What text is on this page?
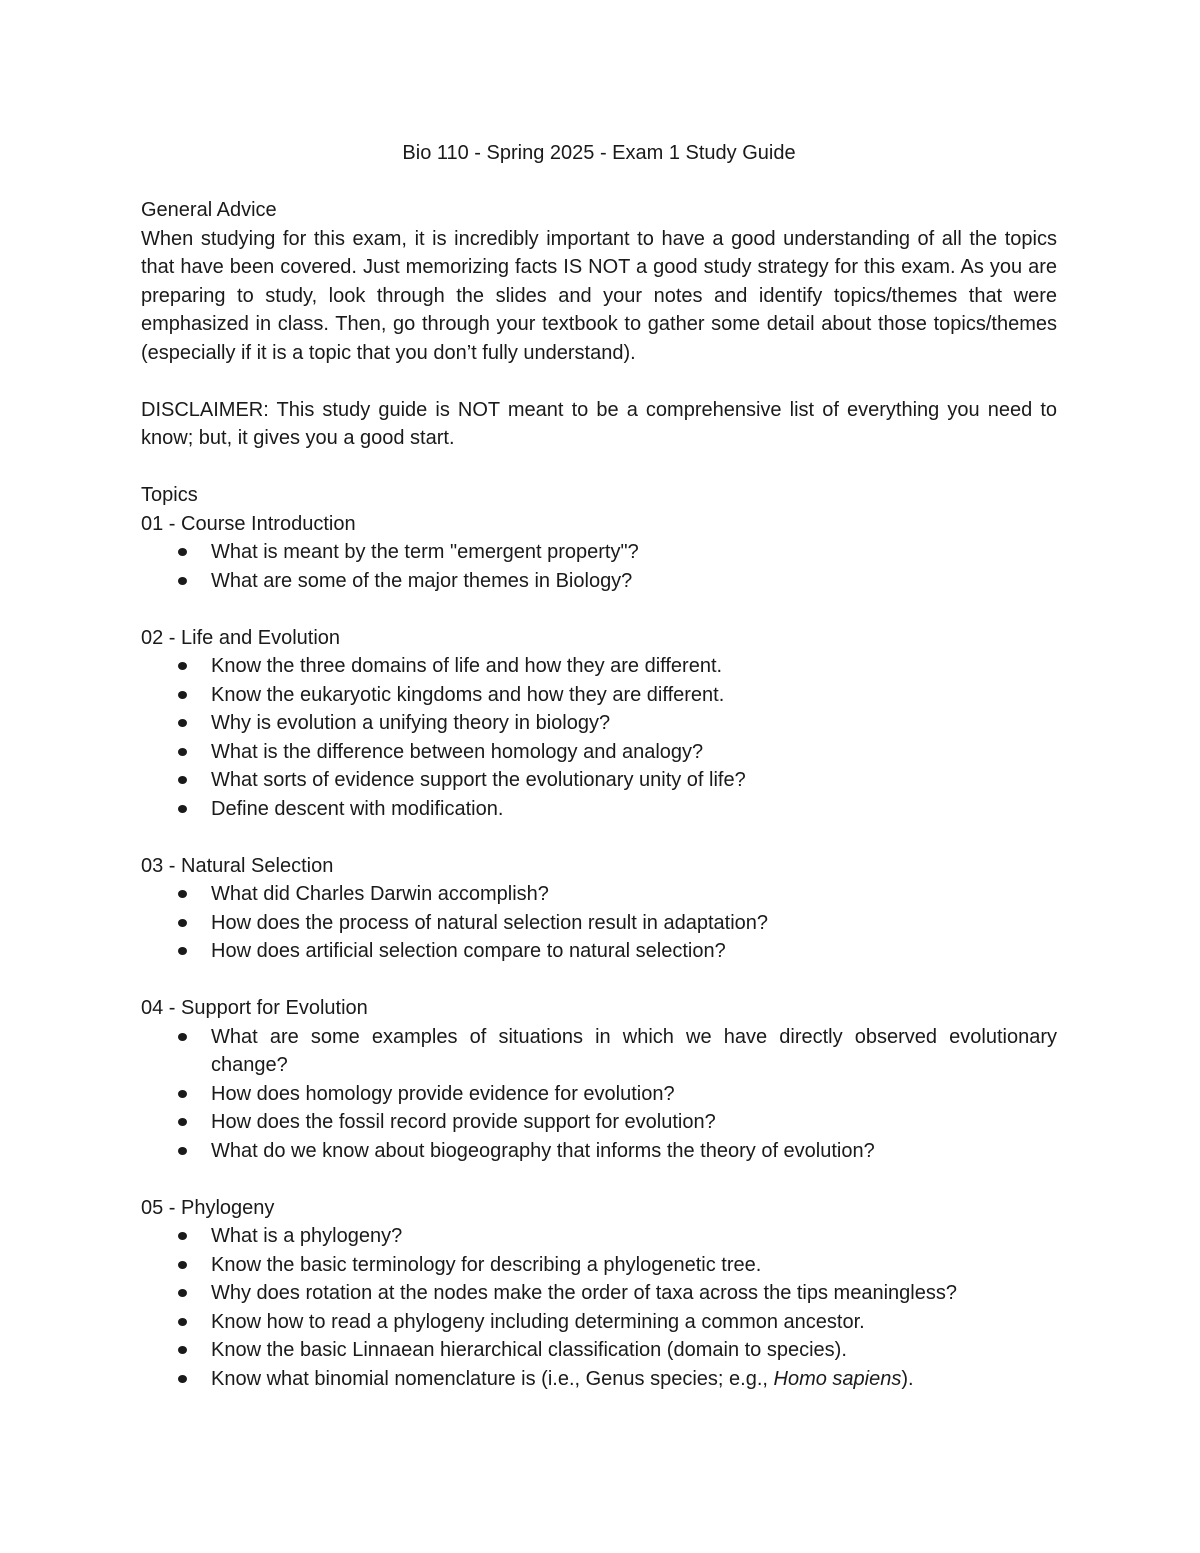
Bio 110 - Spring 2025 - Exam 1 Study Guide

General Advice

When studying for this exam, it is incredibly important to have a good understanding of all the topics that have been covered. Just memorizing facts IS NOT a good study strategy for this exam. As you are preparing to study, look through the slides and your notes and identify topics/themes that were emphasized in class. Then, go through your textbook to gather some detail about those topics/themes (especially if it is a topic that you don’t fully understand).

DISCLAIMER: This study guide is NOT meant to be a comprehensive list of everything you need to know; but, it gives you a good start.

Topics

01 - Course Introduction

What is meant by the term "emergent property"?
What are some of the major themes in Biology?

02 - Life and Evolution

Know the three domains of life and how they are different.
Know the eukaryotic kingdoms and how they are different.
Why is evolution a unifying theory in biology?
What is the difference between homology and analogy?
What sorts of evidence support the evolutionary unity of life?
Define descent with modification.

03 - Natural Selection

What did Charles Darwin accomplish?
How does the process of natural selection result in adaptation?
How does artificial selection compare to natural selection?

04 - Support for Evolution

What are some examples of situations in which we have directly observed evolutionary change?
How does homology provide evidence for evolution?
How does the fossil record provide support for evolution?
What do we know about biogeography that informs the theory of evolution?

05 - Phylogeny

What is a phylogeny?
Know the basic terminology for describing a phylogenetic tree.
Why does rotation at the nodes make the order of taxa across the tips meaningless?
Know how to read a phylogeny including determining a common ancestor.
Know the basic Linnaean hierarchical classification (domain to species).
Know what binomial nomenclature is (i.e., Genus species; e.g., Homo sapiens).
